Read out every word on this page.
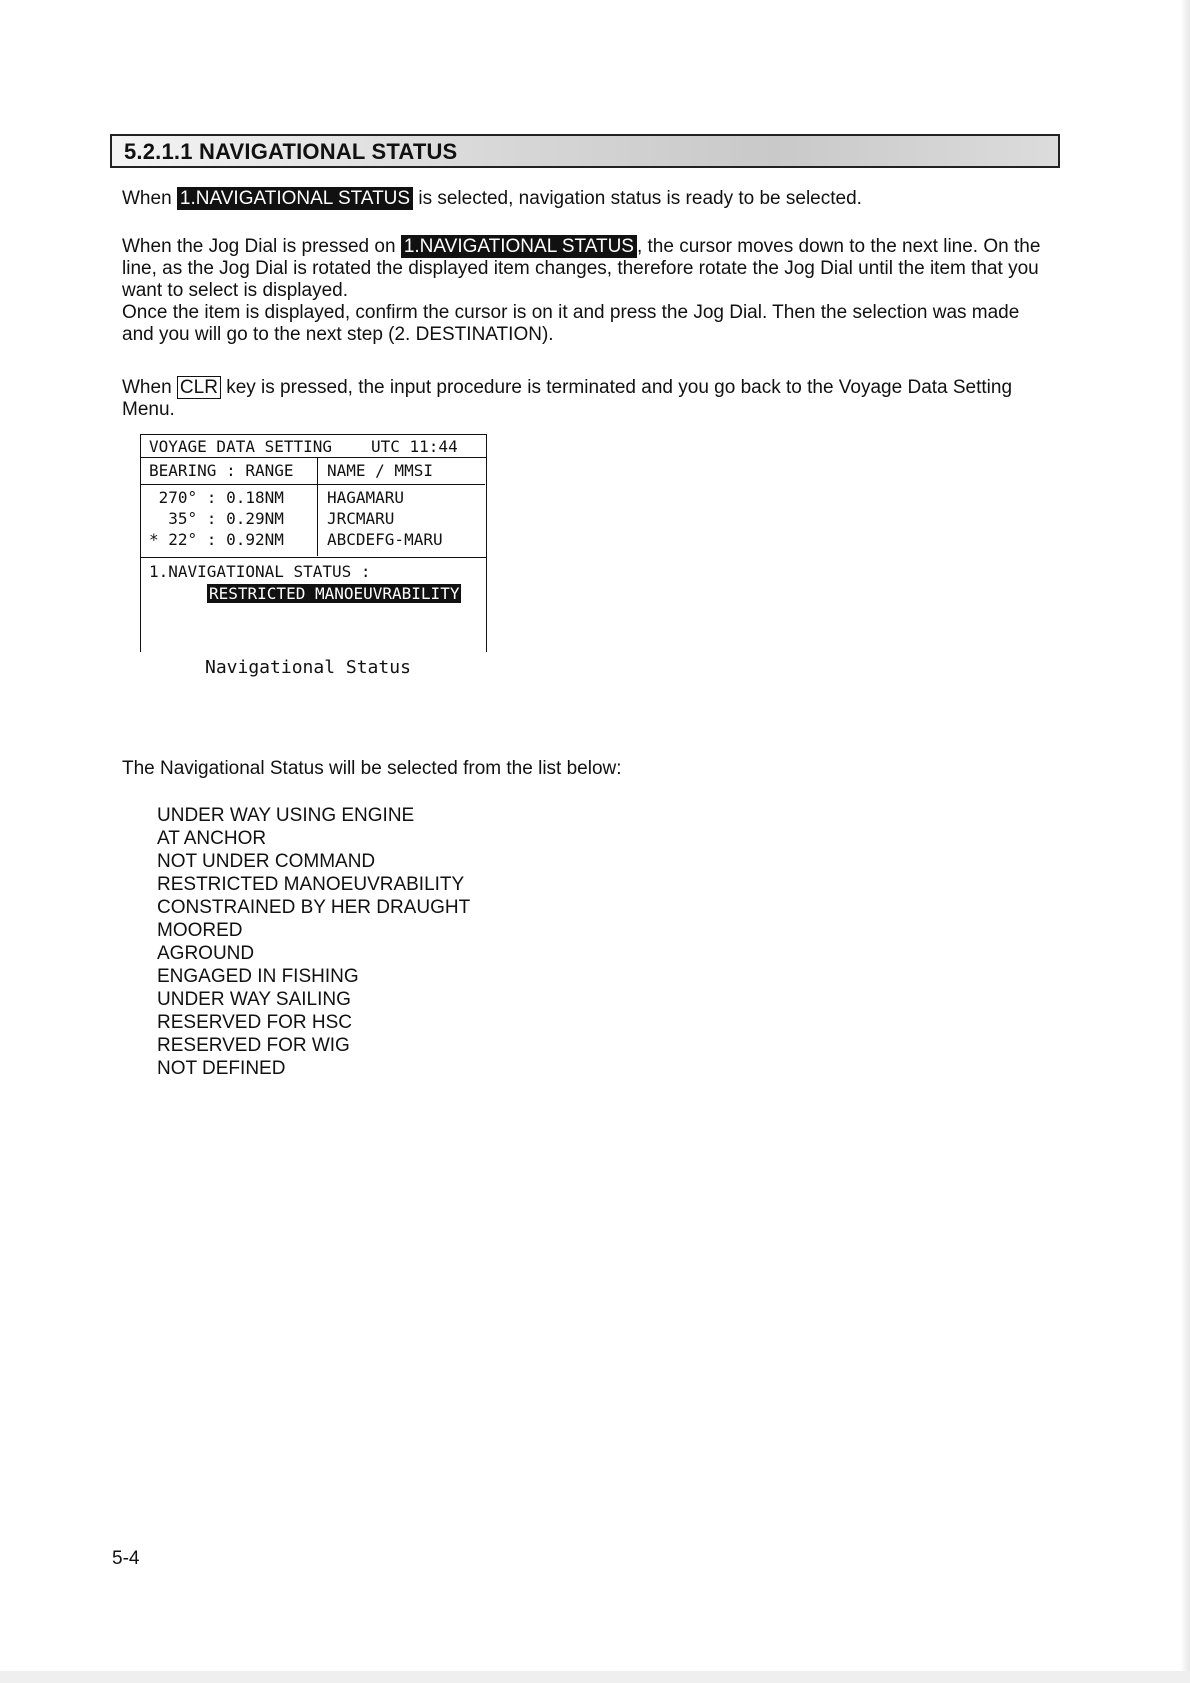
5.2.1.1 NAVIGATIONAL STATUS
When 1.NAVIGATIONAL STATUS is selected, navigation status is ready to be selected.
When the Jog Dial is pressed on 1.NAVIGATIONAL STATUS , the cursor moves down to the next line. On the line, as the Jog Dial is rotated the displayed item changes, therefore rotate the Jog Dial until the item that you want to select is displayed.
Once the item is displayed, confirm the cursor is on it and press the Jog Dial. Then the selection was made and you will go to the next step (2. DESTINATION).
When CLR key is pressed, the input procedure is terminated and you go back to the Voyage Data Setting Menu.
VOYAGE DATA SETTING UTC 11:44
BEARING : RANGE NAME / MMSI
270° : 0.18NM	HAGAMARU
35° : 0.29NM	JRCMARU
* 22° : 0.92NM	ABCDEFG-MARU
1.NAVIGATIONAL STATUS :
RESTRICTED MANOEUVRABILITY
Navigational Status
The Navigational Status will be selected from the list below:
UNDER WAY USING ENGINE
AT ANCHOR
NOT UNDER COMMAND
RESTRICTED MANOEUVRABILITY
CONSTRAINED BY HER DRAUGHT
MOORED
AGROUND
ENGAGED IN FISHING
UNDER WAY SAILING
RESERVED FOR HSC
RESERVED FOR WIG
NOT DEFINED
5-4
